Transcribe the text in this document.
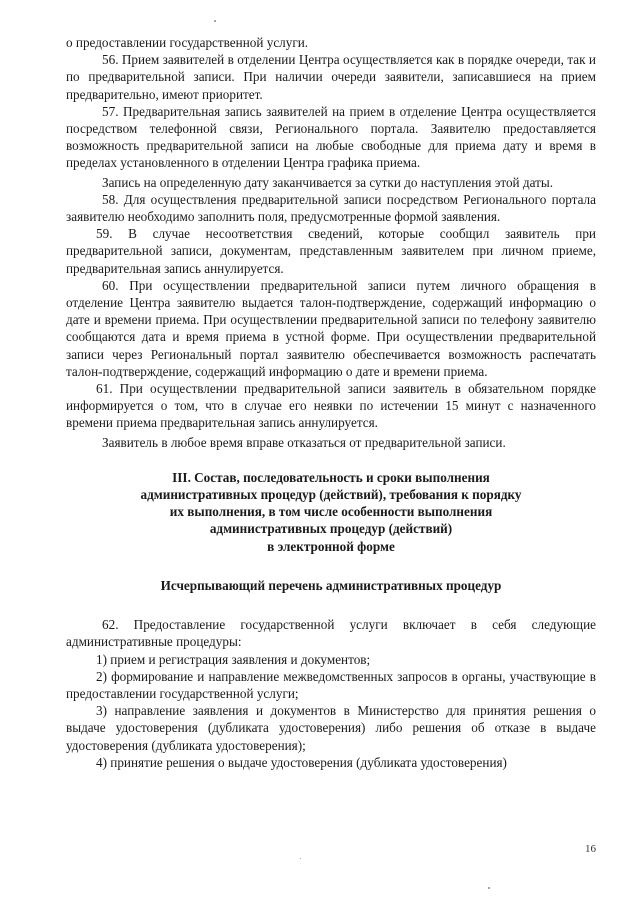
о предоставлении государственной услуги.

56. Прием заявителей в отделении Центра осуществляется как в порядке очереди, так и по предварительной записи. При наличии очереди заявители, записавшиеся на прием предварительно, имеют приоритет.

57. Предварительная запись заявителей на прием в отделение Центра осуществляется посредством телефонной связи, Регионального портала. Заявителю предоставляется возможность предварительной записи на любые свободные для приема дату и время в пределах установленного в отделении Центра графика приема.

Запись на определенную дату заканчивается за сутки до наступления этой даты.

58. Для осуществления предварительной записи посредством Регионального портала заявителю необходимо заполнить поля, предусмотренные формой заявления.

59. В случае несоответствия сведений, которые сообщил заявитель при предварительной записи, документам, представленным заявителем при личном приеме, предварительная запись аннулируется.

60. При осуществлении предварительной записи путем личного обращения в отделение Центра заявителю выдается талон-подтверждение, содержащий информацию о дате и времени приема. При осуществлении предварительной записи по телефону заявителю сообщаются дата и время приема в устной форме. При осуществлении предварительной записи через Региональный портал заявителю обеспечивается возможность распечатать талон-подтверждение, содержащий информацию о дате и времени приема.

61. При осуществлении предварительной записи заявитель в обязательном порядке информируется о том, что в случае его неявки по истечении 15 минут с назначенного времени приема предварительная запись аннулируется.

Заявитель в любое время вправе отказаться от предварительной записи.

III. Состав, последовательность и сроки выполнения

административных процедур (действий), требования к порядку

их выполнения, в том числе особенности выполнения

административных процедур (действий)

в электронной форме

Исчерпывающий перечень административных процедур

62. Предоставление государственной услуги включает в себя следующие административные процедуры:

1) прием и регистрация заявления и документов;

2) формирование и направление межведомственных запросов в органы, участвующие в предоставлении государственной услуги;

3) направление заявления и документов в Министерство для принятия решения о выдаче удостоверения (дубликата удостоверения) либо решения об отказе в выдаче удостоверения (дубликата удостоверения);

4) принятие решения о выдаче удостоверения (дубликата удостоверения)

16
